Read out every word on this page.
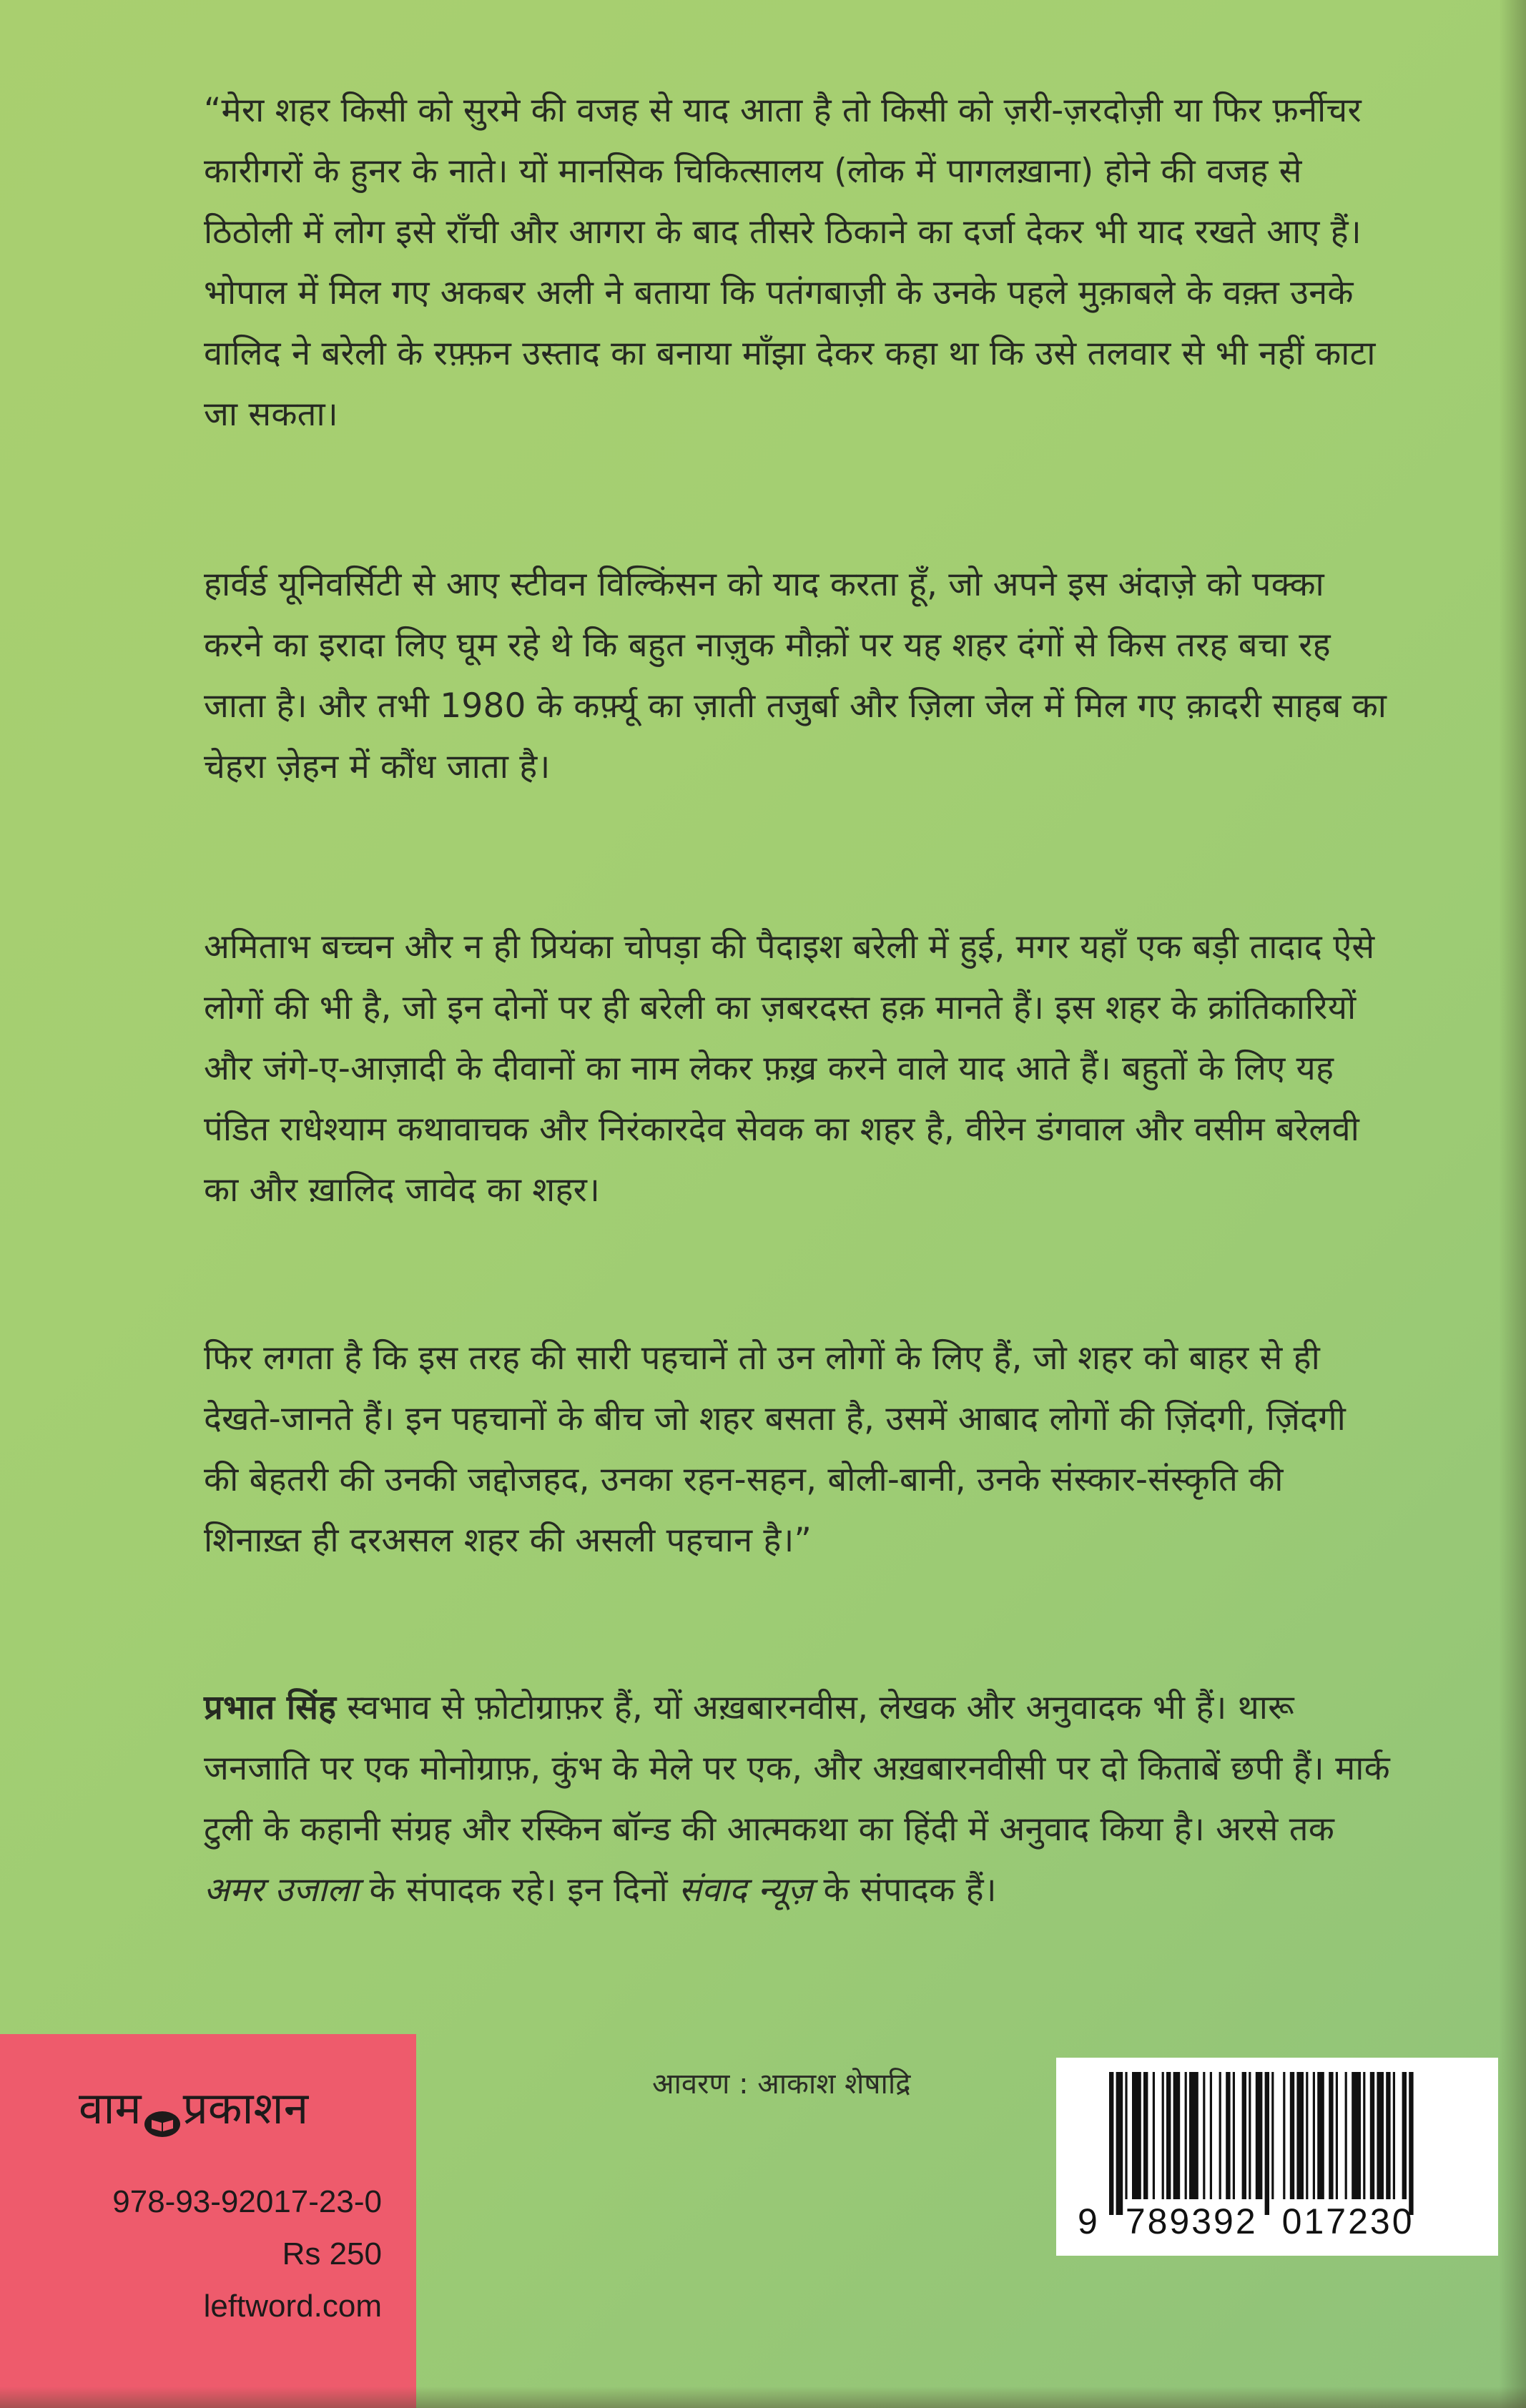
“मेरा शहर किसी को सुरमे की वजह से याद आता है तो किसी को ज़री-ज़रदोज़ी या फिर फ़र्नीचर कारीगरों के हुनर के नाते। यों मानसिक चिकित्सालय (लोक में पागलख़ाना) होने की वजह से ठिठोली में लोग इसे राँची और आगरा के बाद तीसरे ठिकाने का दर्जा देकर भी याद रखते आए हैं। भोपाल में मिल गए अकबर अली ने बताया कि पतंगबाज़ी के उनके पहले मुक़ाबले के वक़्त उनके वालिद ने बरेली के रफ़्फ़न उस्ताद का बनाया माँझा देकर कहा था कि उसे तलवार से भी नहीं काटा जा सकता।

हार्वर्ड यूनिवर्सिटी से आए स्टीवन विल्किंसन को याद करता हूँ, जो अपने इस अंदाज़े को पक्का करने का इरादा लिए घूम रहे थे कि बहुत नाज़ुक मौक़ों पर यह शहर दंगों से किस तरह बचा रह जाता है। और तभी 1980 के कर्फ़्यू का ज़ाती तजुर्बा और ज़िला जेल में मिल गए क़ादरी साहब का चेहरा ज़ेहन में कौंध जाता है।

अमिताभ बच्चन और न ही प्रियंका चोपड़ा की पैदाइश बरेली में हुई, मगर यहाँ एक बड़ी तादाद ऐसे लोगों की भी है, जो इन दोनों पर ही बरेली का ज़बरदस्त हक़ मानते हैं। इस शहर के क्रांतिकारियों और जंगे-ए-आज़ादी के दीवानों का नाम लेकर फ़ख़्र करने वाले याद आते हैं। बहुतों के लिए यह पंडित राधेश्याम कथावाचक और निरंकारदेव सेवक का शहर है, वीरेन डंगवाल और वसीम बरेलवी का और ख़ालिद जावेद का शहर।

फिर लगता है कि इस तरह की सारी पहचानें तो उन लोगों के लिए हैं, जो शहर को बाहर से ही देखते-जानते हैं। इन पहचानों के बीच जो शहर बसता है, उसमें आबाद लोगों की ज़िंदगी, ज़िंदगी की बेहतरी की उनकी जद्दोजहद, उनका रहन-सहन, बोली-बानी, उनके संस्कार-संस्कृति की शिनाख़्त ही दरअसल शहर की असली पहचान है।”

प्रभात सिंह स्वभाव से फ़ोटोग्राफ़र हैं, यों अख़बारनवीस, लेखक और अनुवादक भी हैं। थारू जनजाति पर एक मोनोग्राफ़, कुंभ के मेले पर एक, और अख़बारनवीसी पर दो किताबें छपी हैं। मार्क टुली के कहानी संग्रह और रस्किन बॉन्ड की आत्मकथा का हिंदी में अनुवाद किया है। अरसे तक अमर उजाला के संपादक रहे। इन दिनों संवाद न्यूज़ के संपादक हैं।

वाम प्रकाशन
978-93-92017-23-0
Rs 250
leftword.com
आवरण : आकाश शेषाद्रि
9 789392 017230
